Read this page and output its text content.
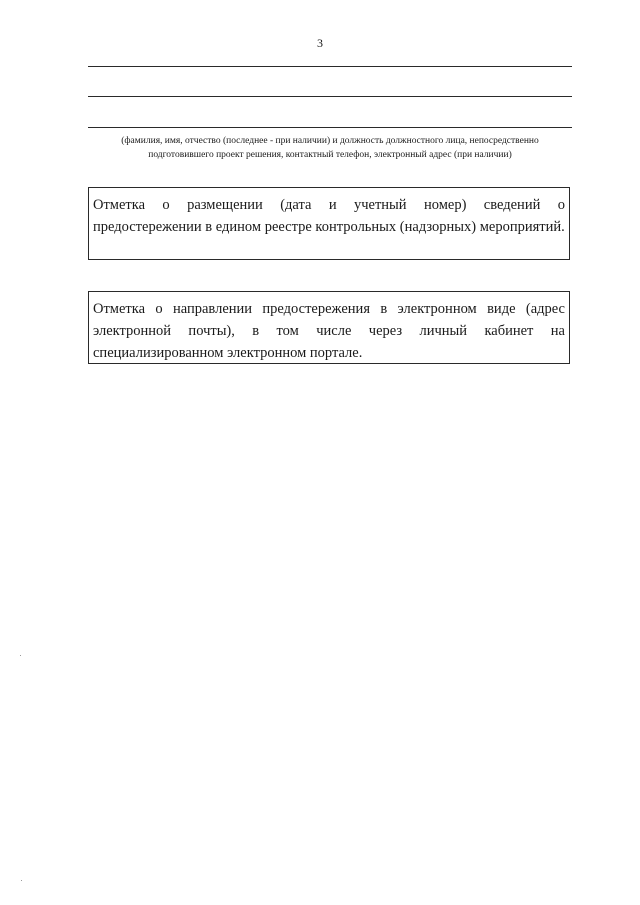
3
(фамилия, имя, отчество (последнее - при наличии) и должность должностного лица, непосредственно
подготовившего проект решения, контактный телефон, электронный адрес (при наличии)
Отметка о размещении (дата и учетный номер) сведений о предостережении в едином реестре контрольных (надзорных) мероприятий.
Отметка о направлении предостережения в электронном виде (адрес электронной почты), в том числе через личный кабинет на специализированном электронном портале.
